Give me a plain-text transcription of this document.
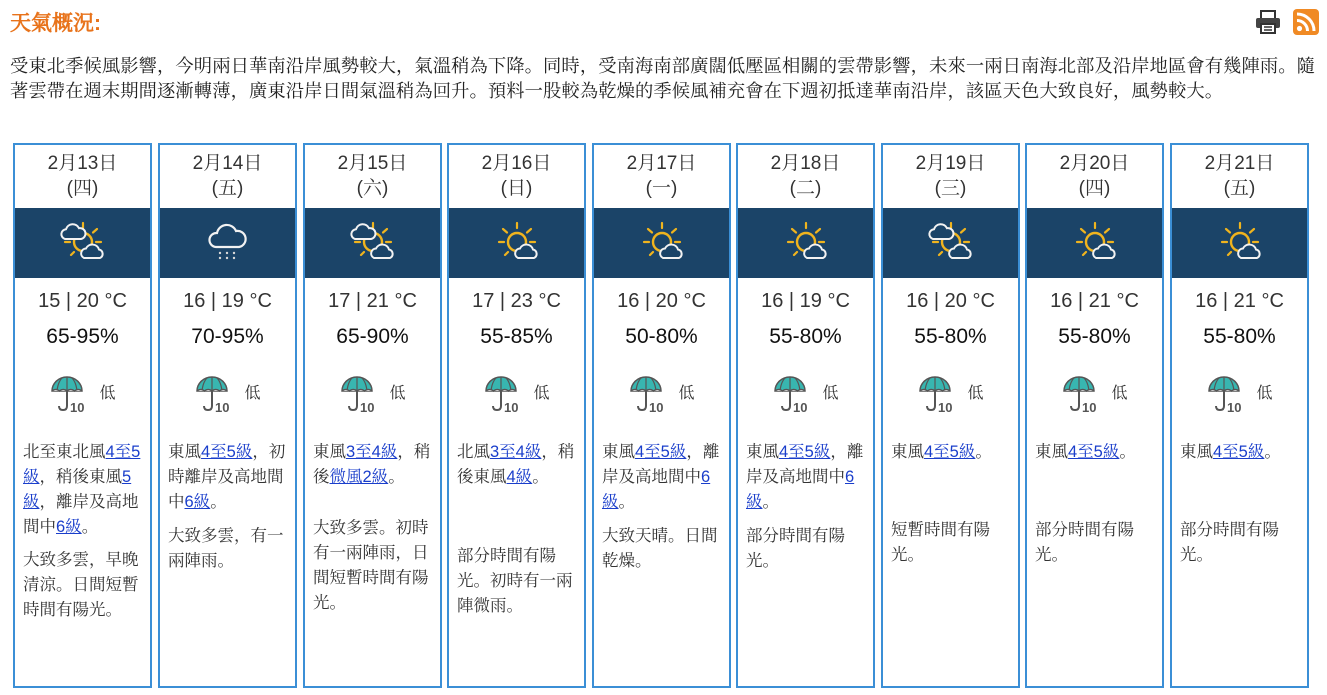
天氣概況:
受東北季候風影響，今明兩日華南沿岸風勢較大，氣溫稍為下降。同時，受南海南部廣闊低壓區相關的雲帶影響，未來一兩日南海北部及沿岸地區會有幾陣雨。隨著雲帶在週末期間逐漸轉薄，廣東沿岸日間氣溫稍為回升。預料一股較為乾燥的季候風補充會在下週初抵達華南沿岸，該區天色大致良好，風勢較大。
2月13日
(四)
15 | 20 °C
65-95%
10
低
北至東北風4至5級，稍後東風5級，離岸及高地間中6級。
大致多雲，早晚清涼。日間短暫時間有陽光。
2月14日
(五)
16 | 19 °C
70-95%
10
低
東風4至5級，初時離岸及高地間中6級。
大致多雲，有一兩陣雨。
2月15日
(六)
17 | 21 °C
65-90%
10
低
東風3至4級，稍後微風2級。
大致多雲。初時有一兩陣雨，日間短暫時間有陽光。
2月16日
(日)
17 | 23 °C
55-85%
10
低
北風3至4級，稍後東風4級。
部分時間有陽光。初時有一兩陣微雨。
2月17日
(一)
16 | 20 °C
50-80%
10
低
東風4至5級，離岸及高地間中6級。
大致天晴。日間乾燥。
2月18日
(二)
16 | 19 °C
55-80%
10
低
東風4至5級，離岸及高地間中6級。
部分時間有陽光。
2月19日
(三)
16 | 20 °C
55-80%
10
低
東風4至5級。
短暫時間有陽光。
2月20日
(四)
16 | 21 °C
55-80%
10
低
東風4至5級。
部分時間有陽光。
2月21日
(五)
16 | 21 °C
55-80%
10
低
東風4至5級。
部分時間有陽光。
